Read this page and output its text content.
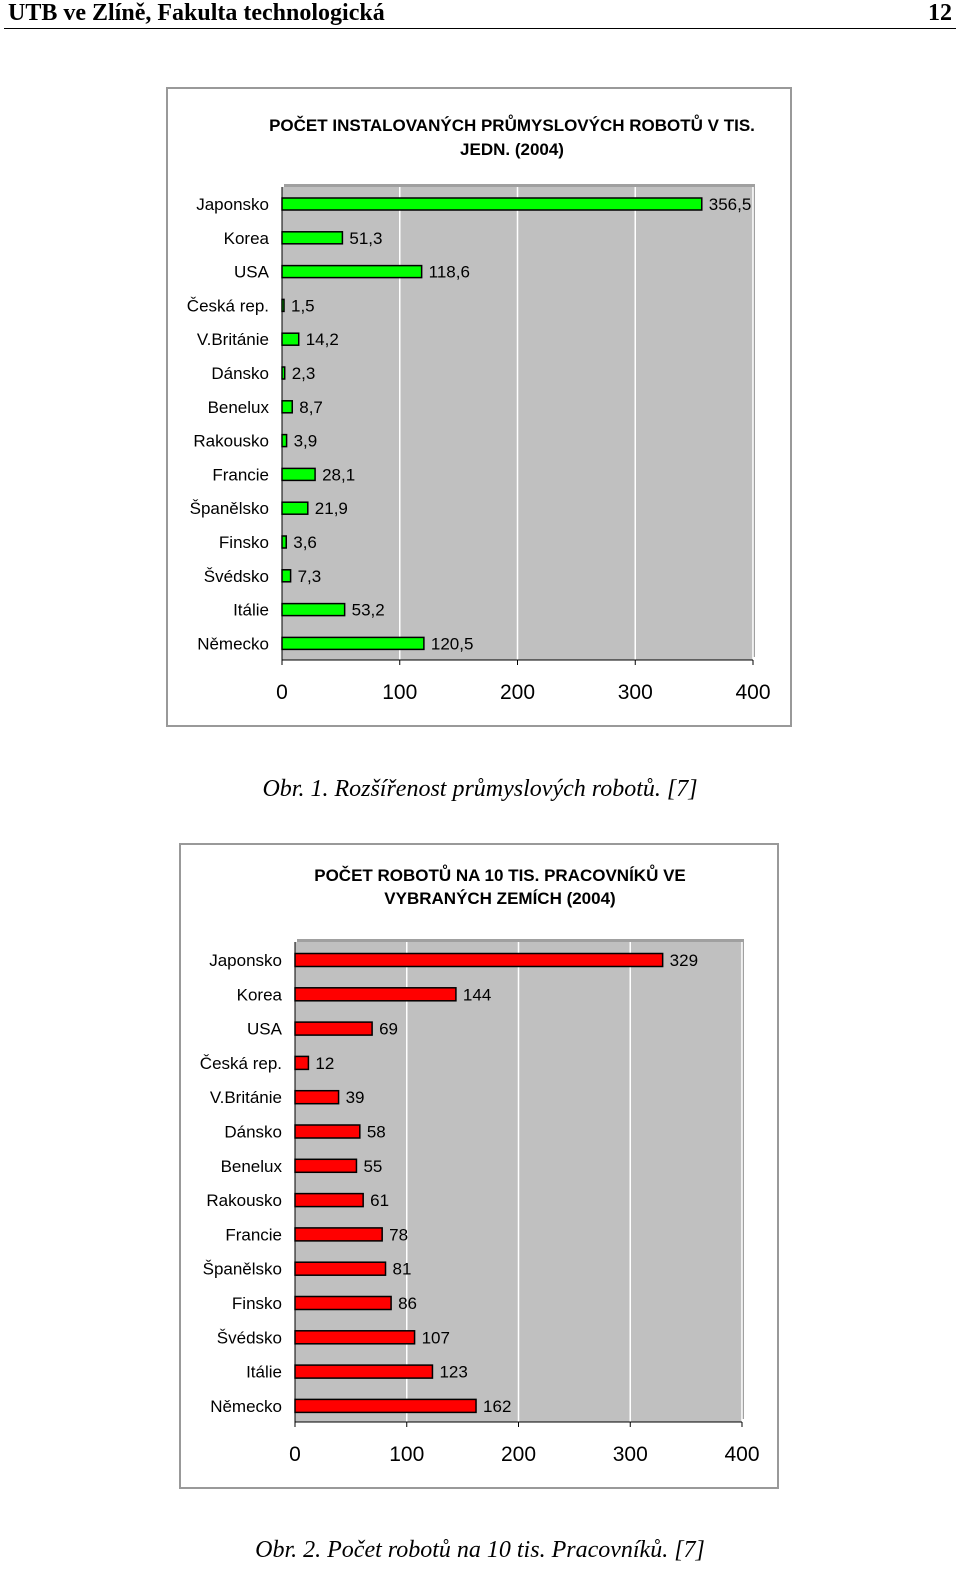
UTB ve Zlíně, Fakulta technologická	12
POČET INSTALOVANÝCH PRŮMYSLOVÝCH ROBOTŮ V TIS.
JEDN. (2004)
0	100	200	300	400
Japonsko	356,5
Korea	51,3
USA	118,6
Česká rep. 1,5
V.Británie 14,2
Dánsko 2,3
Benelux 8,7
Rakousko 3,9
Francie	28,1
Španělsko	21,9
Finsko 3,6
Švédsko 7,3
Itálie	53,2
Německo	120,5
POČET ROBOTŮ NA 10 TIS. PRACOVNÍKŮ VE
VYBRANÝCH ZEMÍCH (2004)
0	100	200	300	400
Japonsko	329
Korea	144
USA	69
Česká rep. 12
V.Británie	39
Dánsko	58
Benelux	55
Rakousko	61
Francie	78
Španělsko	81
Finsko	86
Švédsko	107
Itálie	123
Německo	162
Obr. 1. Rozšířenost průmyslových robotů. [7]
Obr. 2. Počet robotů na 10 tis. Pracovníků. [7]
